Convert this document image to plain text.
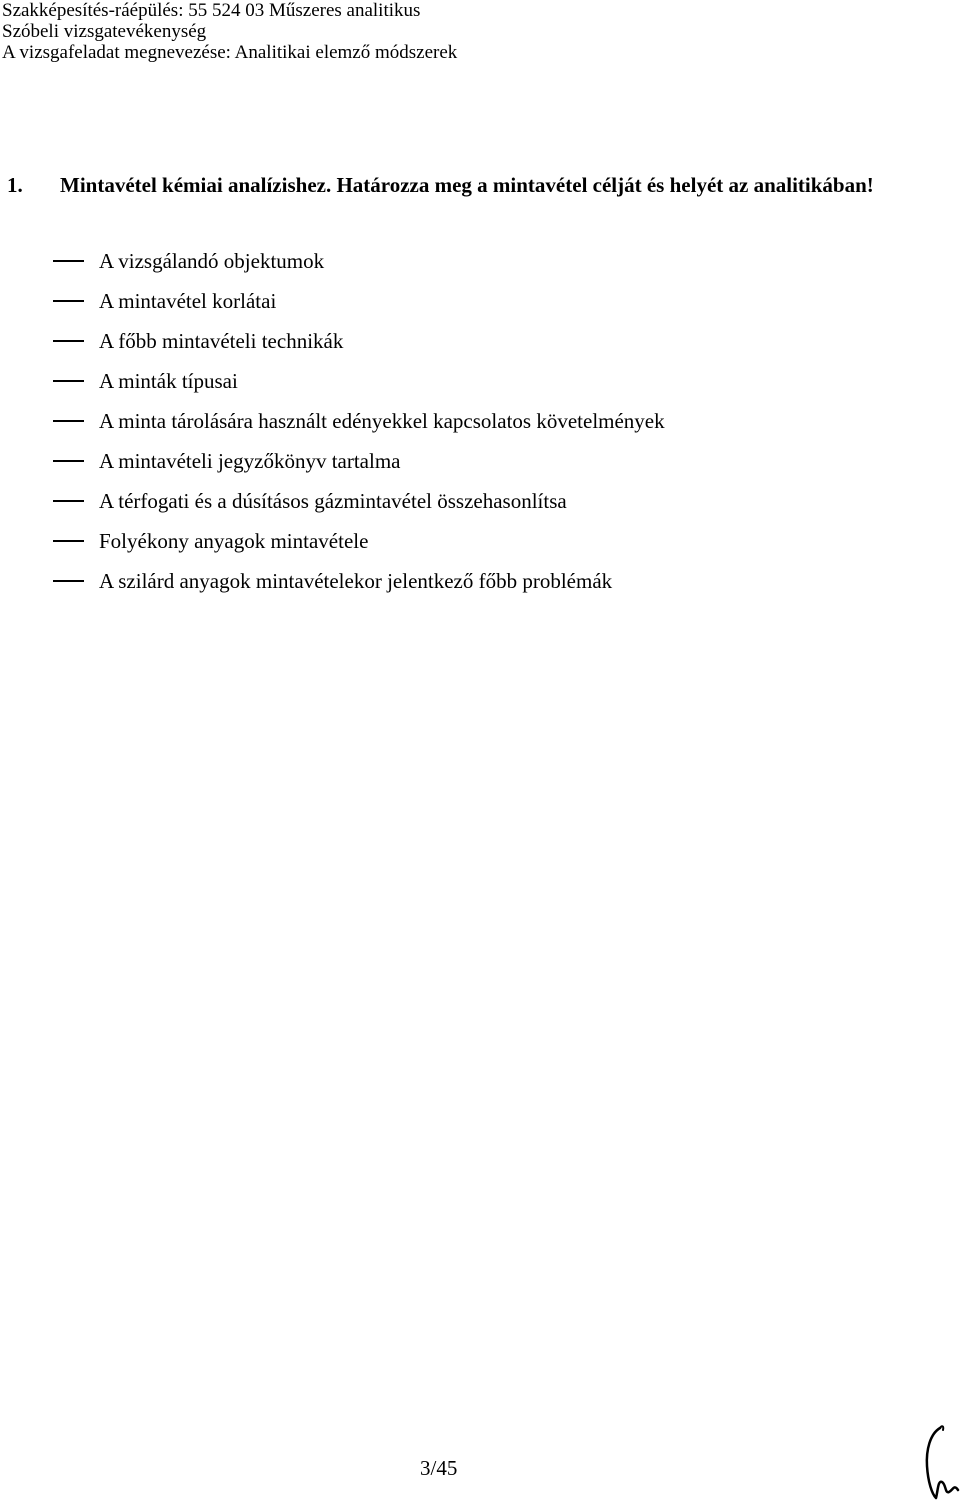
Szakképesítés-ráépülés: 55 524 03 Műszeres analitikus
Szóbeli vizsgatevékenység
A vizsgafeladat megnevezése: Analitikai elemző módszerek
1. Mintavétel kémiai analízishez. Határozza meg a mintavétel célját és helyét az analitikában!
A vizsgálandó objektumok
A mintavétel korlátai
A főbb mintavételi technikák
A minták típusai
A minta tárolására használt edényekkel kapcsolatos követelmények
A mintavételi jegyzőkönyv tartalma
A térfogati és a dúsításos gázmintavétel összehasonlítsa
Folyékony anyagok mintavétele
A szilárd anyagok mintavételekor jelentkező főbb problémák
3/45
